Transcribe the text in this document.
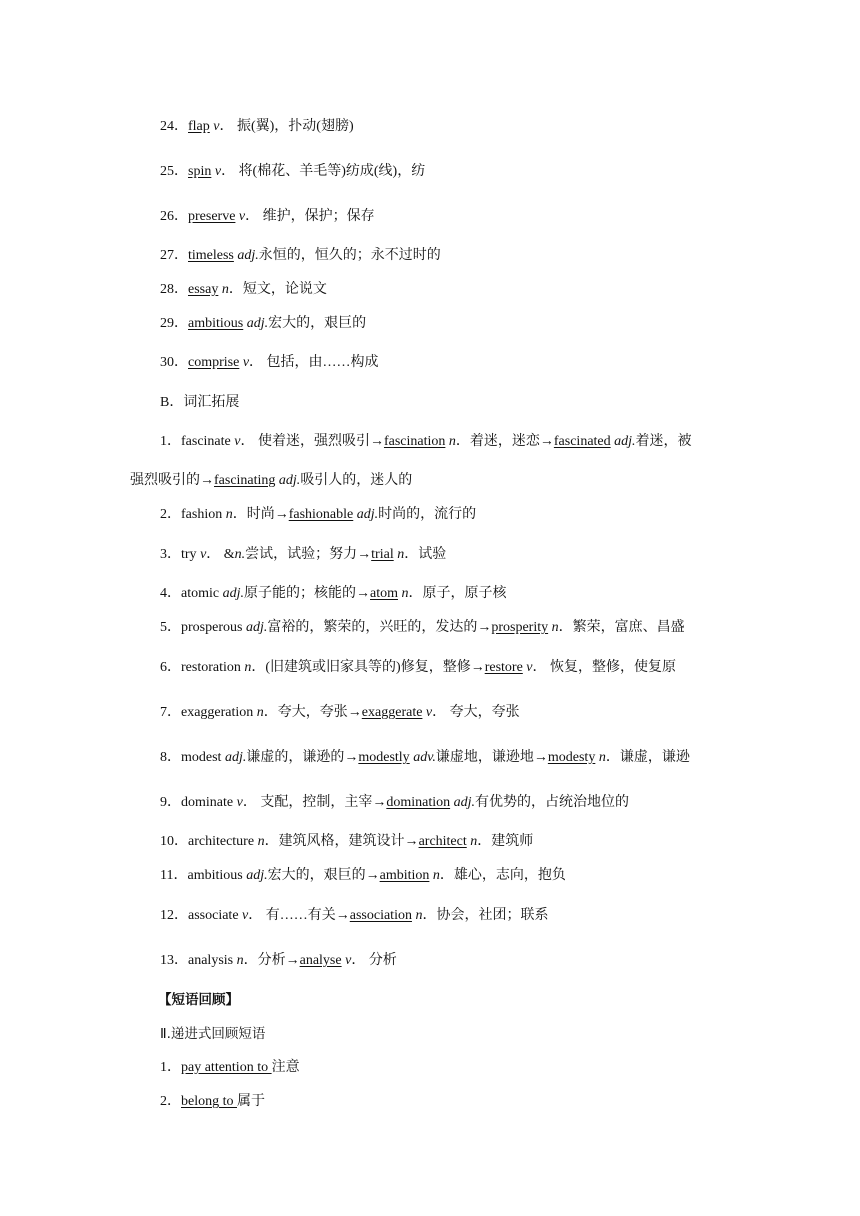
24．flap v． 振(翼)，扑动(翅膀)
25．spin v． 将(棉花、羊毛等)纺成(线)，纺
26．preserve v． 维护，保护；保存
27．timeless adj.永恒的，恒久的；永不过时的
28．essay n．短文，论说文
29．ambitious adj.宏大的，艰巨的
30．comprise v． 包括，由……构成
B．词汇拓展
1．fascinate v． 使着迷，强烈吸引→fascination n．着迷，迷恋→fascinated adj.着迷，被
强烈吸引的→fascinating adj.吸引人的，迷人的
2．fashion n．时尚→fashionable adj.时尚的，流行的
3．try v． &n.尝试，试验；努力→trial n．试验
4．atomic adj.原子能的；核能的→atom n．原子，原子核
5．prosperous adj.富裕的，繁荣的，兴旺的，发达的→prosperity n．繁荣，富庶、昌盛
6．restoration n．(旧建筑或旧家具等的)修复，整修→restore v． 恢复，整修，使复原
7．exaggeration n．夸大，夸张→exaggerate v． 夸大，夸张
8．modest adj.谦虚的，谦逊的→modestly adv.谦虚地，谦逊地→modesty n．谦虚，谦逊
9．dominate v． 支配，控制，主宰→domination adj.有优势的，占统治地位的
10．architecture n．建筑风格，建筑设计→architect n．建筑师
11．ambitious adj.宏大的，艰巨的→ambition n．雄心，志向，抱负
12．associate v． 有……有关→association n．协会，社团；联系
13．analysis n．分析→analyse v． 分析
【短语回顾】
Ⅱ.递进式回顾短语
1．pay attention to 注意
2．belong to 属于
